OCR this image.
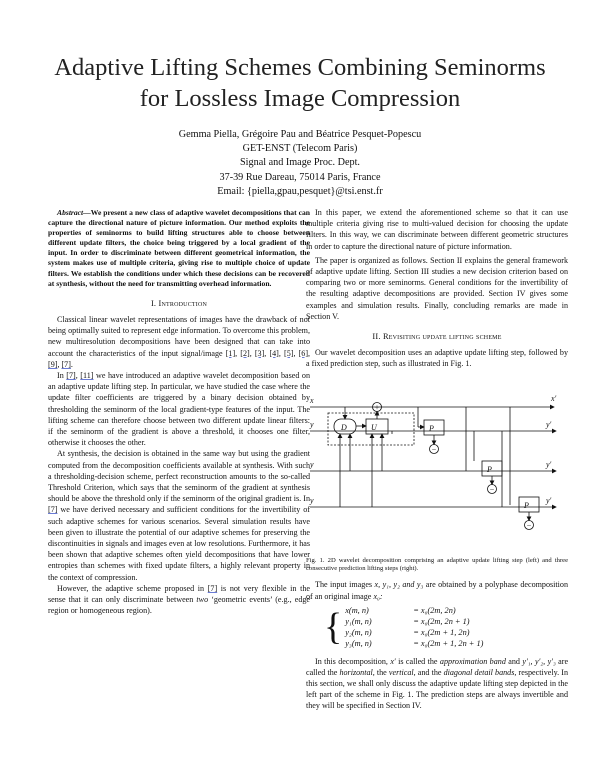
Adaptive Lifting Schemes Combining Seminorms for Lossless Image Compression
Gemma Piella, Grégoire Pau and Béatrice Pesquet-Popescu
GET-ENST (Telecom Paris)
Signal and Image Proc. Dept.
37-39 Rue Dareau, 75014 Paris, France
Email: {piella,gpau,pesquet}@tsi.enst.fr

Abstract—We present a new class of adaptive wavelet decompositions that can capture the directional nature of picture information. Our method exploits the properties of seminorms to build lifting structures able to choose between different update filters, the choice being triggered by a local gradient of the input. In order to discriminate between different geometrical information, the system makes use of multiple criteria, giving rise to multiple choice of update filters. We establish the conditions under which these decisions can be recovered at synthesis, without the need for transmitting overhead information.

I. Introduction

Classical linear wavelet representations of images have the drawback of not being optimally suited to represent edge information. To overcome this problem, new multiresolution decompositions have been designed that can take into account the characteristics of the input signal/image [1], [2], [3], [4], [5], [6], [9], [7].

In [7], [11] we have introduced an adaptive wavelet decomposition based on an adaptive update lifting step. In particular, we have studied the case where the update filter coefficients are triggered by a binary decision obtained by thresholding the seminorm of the local gradient-type features of the input. The lifting scheme can therefore choose between two different update linear filters: if the seminorm of the gradient is above a threshold, it chooses one filter, otherwise it chooses the other.

At synthesis, the decision is obtained in the same way but using the gradient computed from the decomposition coefficients available at synthesis. With such a thresholding-decision scheme, perfect reconstruction amounts to the so-called Threshold Criterion, which says that the seminorm of the gradient at synthesis should be above the threshold only if the seminorm of the original gradient is. In [7] we have derived necessary and sufficient conditions for the invertibility of such adaptive schemes for various scenarios. Several simulation results have been given to illustrate the potential of our adaptive schemes for preserving the discontinuities in signals and images even at low resolutions. Furthermore, it has been shown that adaptive schemes often yield decompositions that have lower entropies than schemes with fixed update filters, a highly relevant property in the context of compression.

However, the adaptive scheme proposed in [7] is not very flexible in the sense that it can only discriminate between two ‘geometric events’ (e.g., edge region or homogeneous region).

In this paper, we extend the aforementioned scheme so that it can use multiple criteria giving rise to multi-valued decision for choosing the update filters. In this way, we can discriminate between different geometric structures in order to capture the directional nature of picture information.

The paper is organized as follows. Section II explains the general framework of adaptive update lifting. Section III studies a new decision criterion based on comparing two or more seminorms. General conditions for the invertibility of the resulting adaptive decompositions are provided. Section IV gives some examples and simulation results. Finally, concluding remarks are made in Section V.

II. Revisiting update lifting scheme

Our wavelet decomposition uses an adaptive update lifting step, followed by a fixed prediction step, such as illustrated in Fig. 1.

x	x′
y
y
y
y′
y′
y′
D	U	P
P
P
+
−
−
−
Fig. 1. 2D wavelet decomposition comprising an adaptive update lifting step (left) and three consecutive prediction lifting steps (right).

The input images x, y₁, y₂ and y₃ are obtained by a polyphase decomposition of an original image x₀:

{ x(m, n)	= x₀(2m, 2n)
y₁(m, n)	= x₀(2m, 2n + 1)
y₂(m, n)	= x₀(2m + 1, 2n)
y₃(m, n)	= x₀(2m + 1, 2n + 1)

In this decomposition, x′ is called the approximation band and y′₁, y′₂, y′₃ are called the horizontal, the vertical, and the diagonal detail bands, respectively. In this section, we shall only discuss the adaptive update lifting step depicted in the left part of the scheme in Fig. 1. The prediction steps are always invertible and they will be specified in Section IV.
